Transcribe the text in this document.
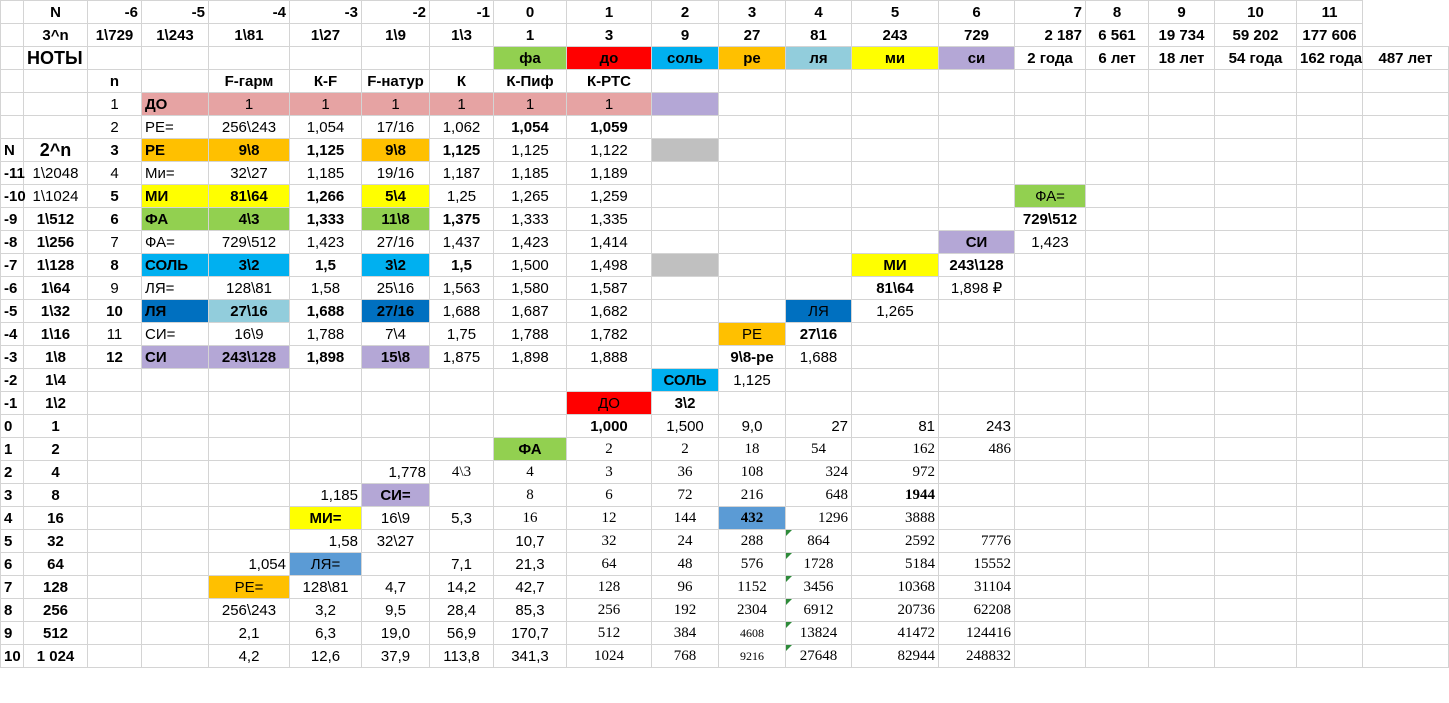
	N	-6	-5	-4	-3	-2	-1	0	1	2	3	4	5	6	7	8	9	10	11	
	3^n	1\729	1\243	1\81	1\27	1\9	1\3	1	3	9	27	81	243	729	2 187	6 561	19 734	59 202	177 606	
	НОТЫ							фа	до	соль	ре	ля	ми	си	2 года	6 лет	18 лет	54 года	162 года	487 лет
		n		F-гарм	К-F	F-натур	К	К-Пиф	К-РТС											
		1	ДО	1	1	1	1	1	1											
		2	РЕ=	256\243	1,054	17/16	1,062	1,054	1,059											
N	2^n	3	РЕ	9\8	1,125	9\8	1,125	1,125	1,122											
-11	1\2048	4	Ми=	32\27	1,185	19/16	1,187	1,185	1,189											
-10	1\1024	5	МИ	81\64	1,266	5\4	1,25	1,265	1,259						ФА=					
-9	1\512	6	ФА	4\3	1,333	11\8	1,375	1,333	1,335						729\512					
-8	1\256	7	ФА=	729\512	1,423	27/16	1,437	1,423	1,414					СИ	1,423					
-7	1\128	8	СОЛЬ	3\2	1,5	3\2	1,5	1,500	1,498				МИ	243\128						
-6	1\64	9	ЛЯ=	128\81	1,58	25\16	1,563	1,580	1,587				81\64	1,898 ₽						
-5	1\32	10	ЛЯ	27\16	1,688	27/16	1,688	1,687	1,682			ЛЯ	1,265							
-4	1\16	11	СИ=	16\9	1,788	7\4	1,75	1,788	1,782		РЕ	27\16								
-3	1\8	12	СИ	243\128	1,898	15\8	1,875	1,898	1,888		9\8-ре	1,688								
-2	1\4									СОЛЬ	1,125									
-1	1\2								ДО	3\2										
0	1								1,000	1,500	9,0	27	81	243						
1	2							ФА	2	2	18	54	162	486						
2	4					1,778	4\3	4	3	36	108	324	972							
3	8				1,185	СИ=		8	6	72	216	648	1944							
4	16				МИ=	16\9	5,3	16	12	144	432	1296	3888							
5	32				1,58	32\27		10,7	32	24	288	864	2592	7776						
6	64			1,054	ЛЯ=		7,1	21,3	64	48	576	1728	5184	15552						
7	128			РЕ=	128\81	4,7	14,2	42,7	128	96	1152	3456	10368	31104						
8	256			256\243	3,2	9,5	28,4	85,3	256	192	2304	6912	20736	62208						
9	512			2,1	6,3	19,0	56,9	170,7	512	384	4608	13824	41472	124416						
10	1 024			4,2	12,6	37,9	113,8	341,3	1024	768	9216	27648	82944	248832						
